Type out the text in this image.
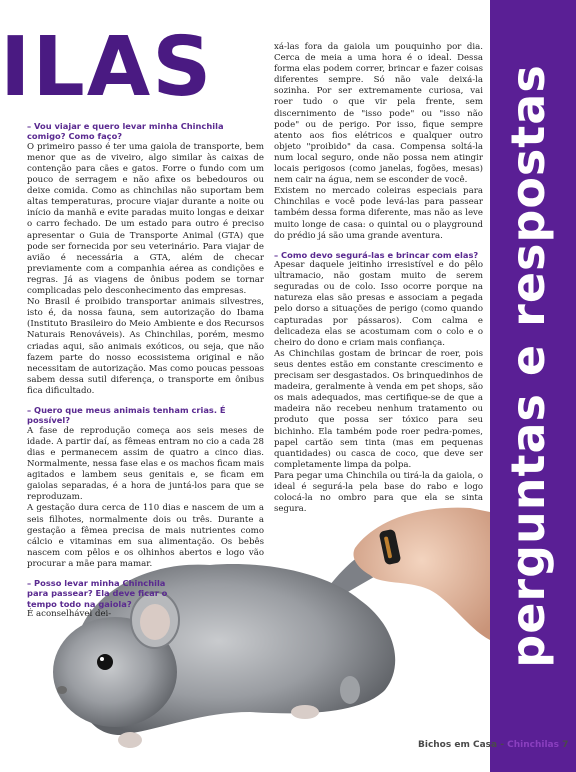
ILAS	perguntas e respostas

– Vou viajar e quero levar minha Chinchila comigo? Como faço?

O primeiro passo é ter uma gaiola de transporte, bem menor que as de viveiro, algo similar às caixas de contenção para cães e gatos. Forre o fundo com um pouco de serragem e não afixe os bebedouros ou deixe comida. Como as chinchilas não suportam bem altas temperaturas, procure viajar durante a noite ou início da manhã e evite paradas muito longas e deixar o carro fechado. De um estado para outro é preciso apresentar o Guia de Transporte Animal (GTA) que pode ser fornecida por seu veterinário. Para viajar de avião é necessária a GTA, além de checar previamente com a companhia aérea as condições e regras. Já as viagens de ônibus podem se tornar complicadas pelo desconhecimento das empresas.

No Brasil é proibido transportar animais silvestres, isto é, da nossa fauna, sem autorização do Ibama (Instituto Brasileiro do Meio Ambiente e dos Recursos Naturais Renováveis). As Chinchilas, porém, mesmo criadas aqui, são animais exóticos, ou seja, que não fazem parte do nosso ecossistema original e não necessitam de autorização. Mas como poucas pessoas sabem dessa sutil diferença, o transporte em ônibus fica dificultado.

– Quero que meus animais tenham crias. É possível?

A fase de reprodução começa aos seis meses de idade. A partir daí, as fêmeas entram no cio a cada 28 dias e permanecem assim de quatro a cinco dias. Normalmente, nessa fase elas e os machos ficam mais agitados e lambem seus genitais e, se ficam em gaiolas separadas, é a hora de juntá-los para que se reproduzam.

A gestação dura cerca de 110 dias e nascem de um a seis filhotes, normalmente dois ou três. Durante a gestação a fêmea precisa de mais nutrientes como cálcio e vitaminas em sua alimentação. Os bebês nascem com pêlos e os olhinhos abertos e logo vão procurar a mãe para mamar.

– Posso levar minha Chinchila para passear? Ela deve ficar o tempo todo na gaiola?

É aconselhável dei-

xá-las fora da gaiola um pouquinho por dia. Cerca de meia a uma hora é o ideal. Dessa forma elas podem correr, brincar e fazer coisas diferentes sempre. Só não vale deixá-la sozinha. Por ser extremamente curiosa, vai roer tudo o que vir pela frente, sem discernimento de "isso pode" ou "isso não pode" ou de perigo. Por isso, fique sempre atento aos fios elétricos e qualquer outro objeto "proibido" da casa. Compensa soltá-la num local seguro, onde não possa nem atingir locais perigosos (como janelas, fogões, mesas) nem cair na água, nem se esconder de você.

Existem no mercado coleiras especiais para Chinchilas e você pode levá-las para passear também dessa forma diferente, mas não as leve muito longe de casa: o quintal ou o playground do prédio já são uma grande aventura.

– Como devo segurá-las e brincar com elas?

Apesar daquele jeitinho irresistível e do pêlo ultramacio, não gostam muito de serem seguradas ou de colo. Isso ocorre porque na natureza elas são presas e associam a pegada pelo dorso a situações de perigo (como quando capturadas por pássaros). Com calma e delicadeza elas se acostumam com o colo e o cheiro do dono e criam mais confiança.

As Chinchilas gostam de brincar de roer, pois seus dentes estão em constante crescimento e precisam ser desgastados. Os brinquedinhos de madeira, geralmente à venda em pet shops, são os mais adequados, mas certifique-se de que a madeira não recebeu nenhum tratamento ou produto que possa ser tóxico para seu bichinho. Ela também pode roer pedra-pomes, papel cartão sem tinta (mas em pequenas quantidades) ou casca de coco, que deve ser completamente limpa da polpa.

Para pegar uma Chinchila ou tirá-la da gaiola, o ideal é segurá-la pela base do rabo e logo colocá-la no ombro para que ela se sinta segura.

Bichos em Casa - Chinchilas 7
